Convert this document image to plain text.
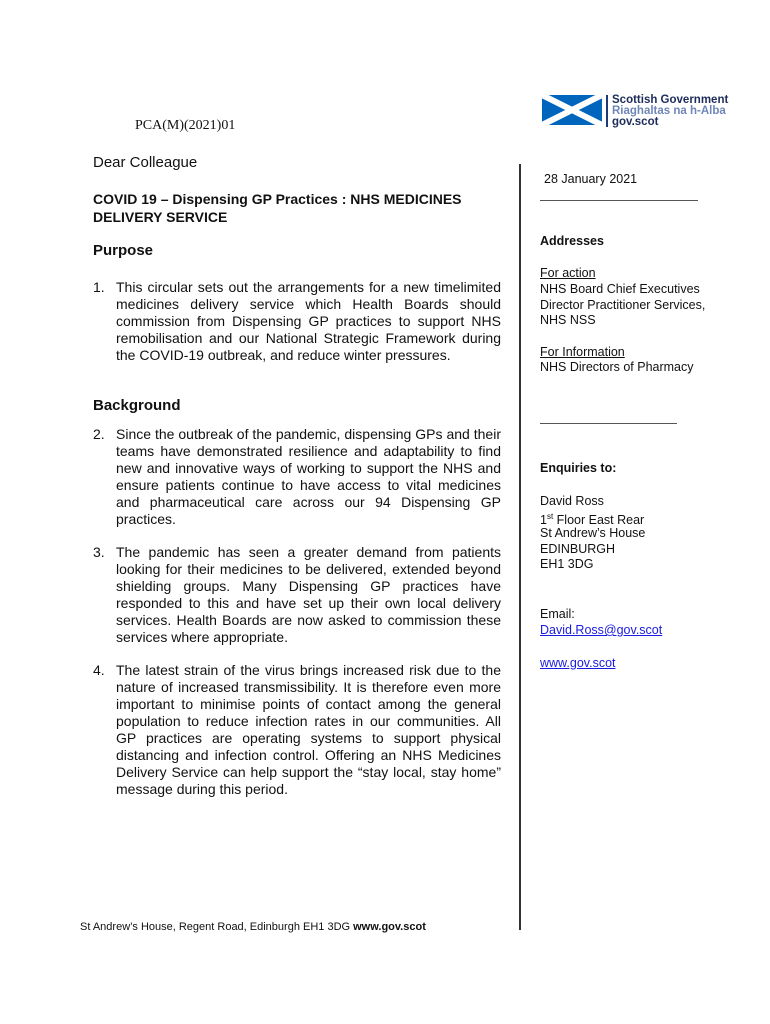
Scottish Government
Riaghaltas na h-Alba
gov.scot
PCA(M)(2021)01
Dear Colleague
COVID 19 – Dispensing GP Practices : NHS MEDICINES DELIVERY SERVICE
Purpose
1. This circular sets out the arrangements for a new timelimited medicines delivery service which Health Boards should commission from Dispensing GP practices to support NHS remobilisation and our National Strategic Framework during the COVID-19 outbreak, and reduce winter pressures.
Background
2. Since the outbreak of the pandemic, dispensing GPs and their teams have demonstrated resilience and adaptability to find new and innovative ways of working to support the NHS and ensure patients continue to have access to vital medicines and pharmaceutical care across our 94 Dispensing GP practices.
3. The pandemic has seen a greater demand from patients looking for their medicines to be delivered, extended beyond shielding groups. Many Dispensing GP practices have responded to this and have set up their own local delivery services. Health Boards are now asked to commission these services where appropriate.
4. The latest strain of the virus brings increased risk due to the nature of increased transmissibility. It is therefore even more important to minimise points of contact among the general population to reduce infection rates in our communities. All GP practices are operating systems to support physical distancing and infection control. Offering an NHS Medicines Delivery Service can help support the “stay local, stay home” message during this period.
28 January 2021
Addresses
For action
NHS Board Chief Executives
Director Practitioner Services,
NHS NSS
For Information
NHS Directors of Pharmacy
Enquiries to:
David Ross
1st Floor East Rear
St Andrew’s House
EDINBURGH
EH1 3DG
Email:
David.Ross@gov.scot
www.gov.scot
St Andrew’s House, Regent Road, Edinburgh EH1 3DG www.gov.scot
